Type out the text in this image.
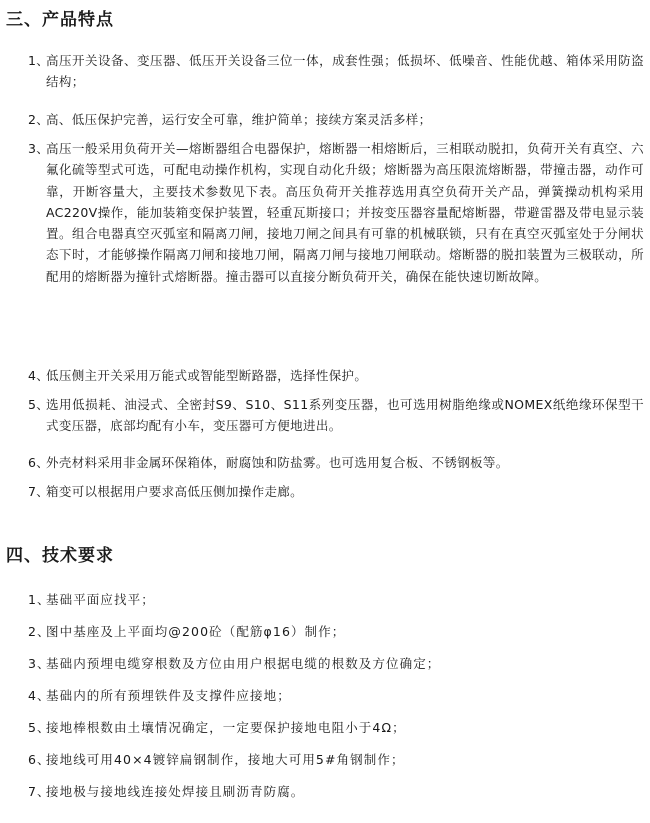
三、产品特点
1、
高压开关设备、变压器、低压开关设备三位一体，成套性强；低损坏、低噪音、性能优越、箱体采用防盗结构；
2、
高、低压保护完善，运行安全可靠，维护简单；接续方案灵活多样；
3、
高压一般采用负荷开关—熔断器组合电器保护，熔断器一相熔断后，三相联动脱扣，负荷开关有真空、六氟化硫等型式可选，可配电动操作机构，实现自动化升级；熔断器为高压限流熔断器，带撞击器，动作可靠，开断容量大，主要技术参数见下表。高压负荷开关推荐选用真空负荷开关产品，弹簧操动机构采用AC220V操作，能加装箱变保护装置，轻重瓦斯接口；并按变压器容量配熔断器，带避雷器及带电显示装置。组合电器真空灭弧室和隔离刀闸，接地刀闸之间具有可靠的机械联锁，只有在真空灭弧室处于分闸状态下时，才能够操作隔离刀闸和接地刀闸，隔离刀闸与接地刀闸联动。熔断器的脱扣装置为三极联动，所配用的熔断器为撞针式熔断器。撞击器可以直接分断负荷开关，确保在能快速切断故障。
4、
低压侧主开关采用万能式或智能型断路器，选择性保护。
5、
选用低损耗、油浸式、全密封S9、S10、S11系列变压器，也可选用树脂绝缘或NOMEX纸绝缘环保型干式变压器，底部均配有小车，变压器可方便地进出。
6、
外壳材料采用非金属环保箱体，耐腐蚀和防盐雾。也可选用复合板、不锈钢板等。
7、
箱变可以根据用户要求高低压侧加操作走廊。
四、技术要求
1、
基础平面应找平；
2、
图中基座及上平面均@200砼（配筋φ16）制作；
3、
基础内预埋电缆穿根数及方位由用户根据电缆的根数及方位确定；
4、
基础内的所有预埋铁件及支撑件应接地；
5、
接地棒根数由土壤情况确定，一定要保护接地电阻小于4Ω；
6、
接地线可用40×4镀锌扁钢制作，接地大可用5#角钢制作；
7、
接地极与接地线连接处焊接且刷沥青防腐。
